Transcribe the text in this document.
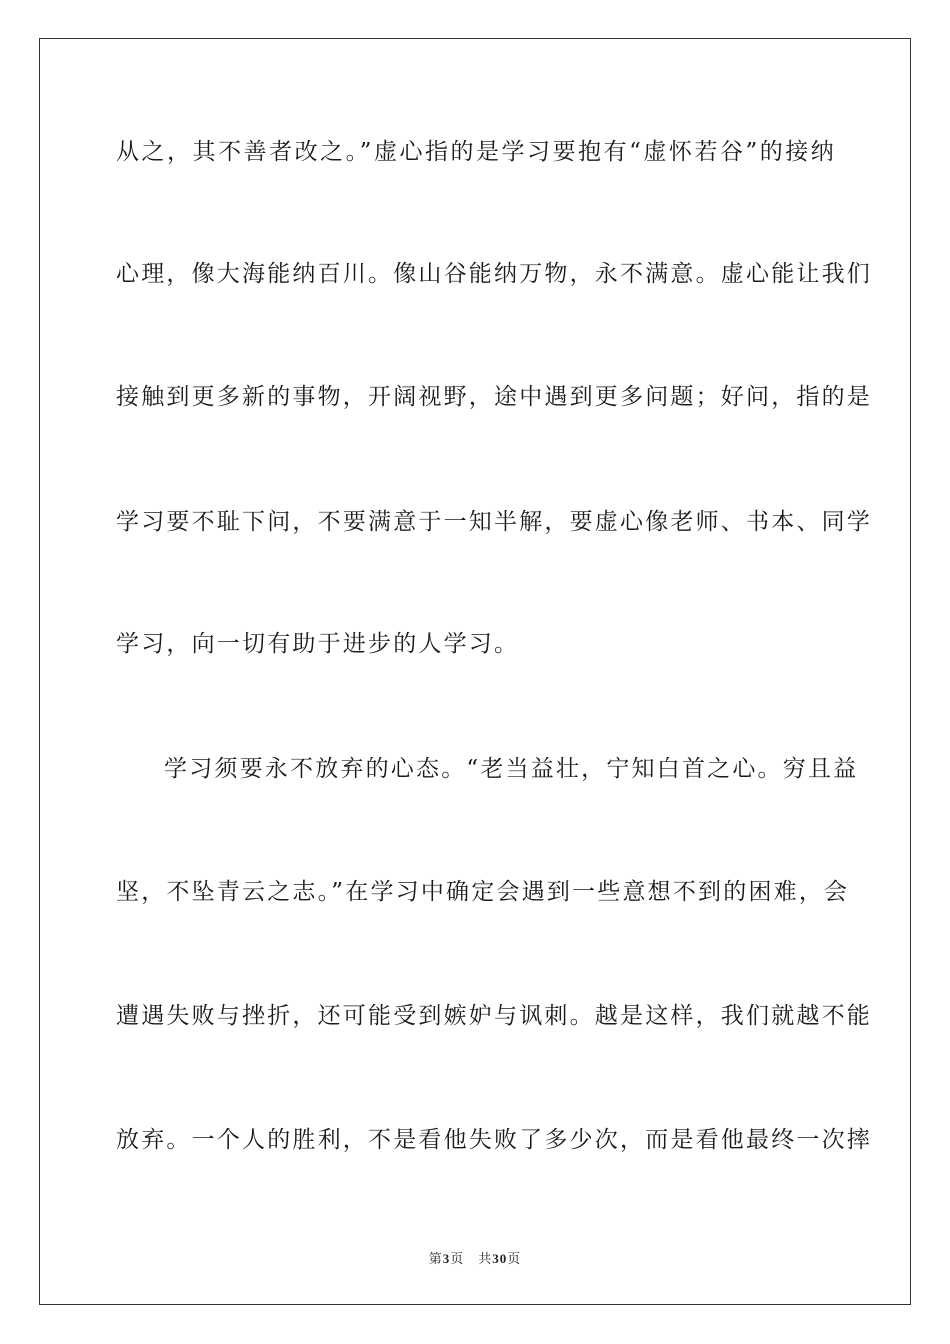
从之，其不善者改之。”虚心指的是学习要抱有“虚怀若谷”的接纳
心理，像大海能纳百川。像山谷能纳万物，永不满意。虚心能让我们
接触到更多新的事物，开阔视野，途中遇到更多问题；好问，指的是
学习要不耻下问，不要满意于一知半解，要虚心像老师、书本、同学
学习，向一切有助于进步的人学习。
学习须要永不放弃的心态。“老当益壮，宁知白首之心。穷且益
坚，不坠青云之志。”在学习中确定会遇到一些意想不到的困难，会
遭遇失败与挫折，还可能受到嫉妒与讽刺。越是这样，我们就越不能
放弃。一个人的胜利，不是看他失败了多少次，而是看他最终一次摔
第3页 共30页
